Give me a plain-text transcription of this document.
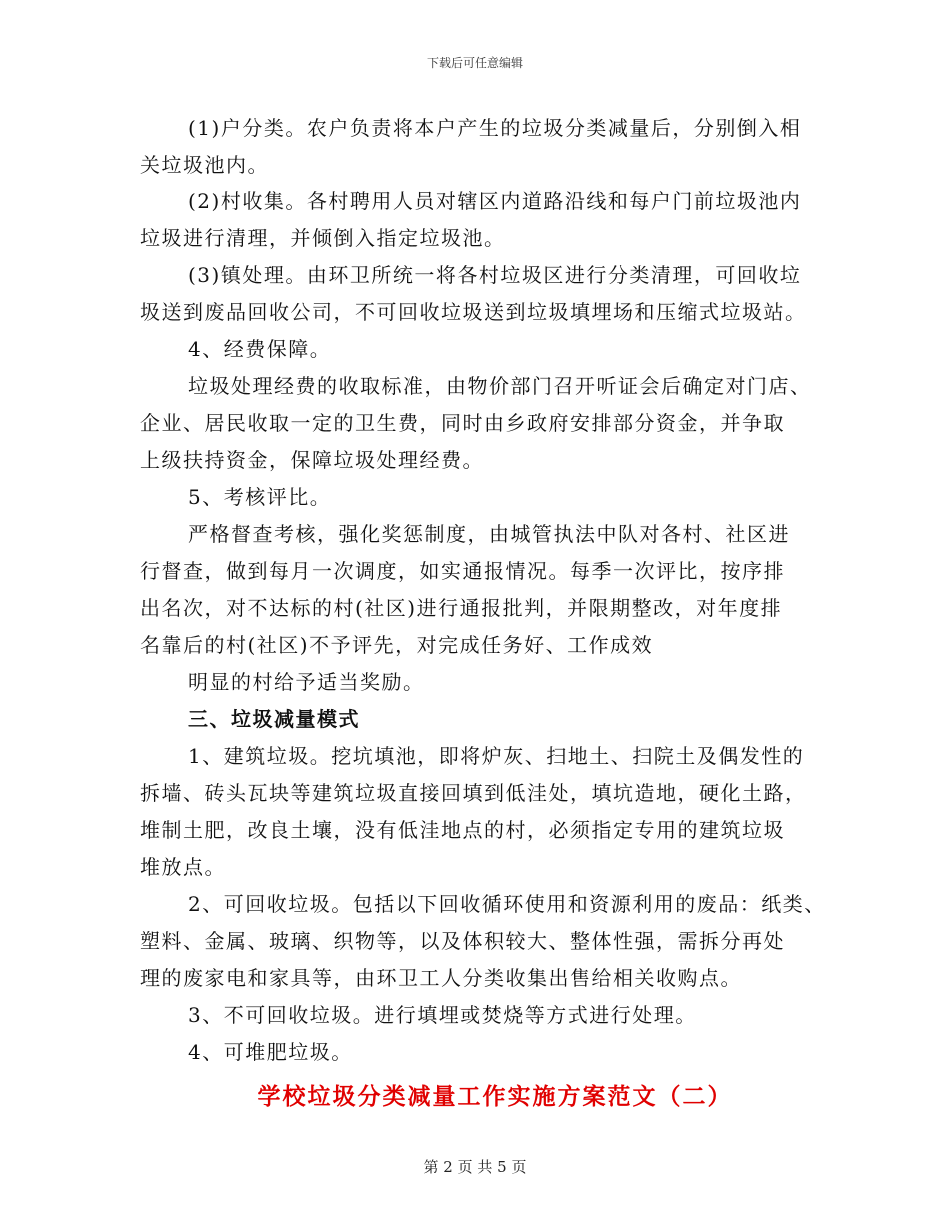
下载后可任意编辑
(1)户分类。农户负责将本户产生的垃圾分类减量后，分别倒入相
关垃圾池内。
(2)村收集。各村聘用人员对辖区内道路沿线和每户门前垃圾池内
垃圾进行清理，并倾倒入指定垃圾池。
(3)镇处理。由环卫所统一将各村垃圾区进行分类清理，可回收垃
圾送到废品回收公司，不可回收垃圾送到垃圾填埋场和压缩式垃圾站。
4、经费保障。
垃圾处理经费的收取标准，由物价部门召开听证会后确定对门店、
企业、居民收取一定的卫生费，同时由乡政府安排部分资金，并争取
上级扶持资金，保障垃圾处理经费。
5、考核评比。
严格督查考核，强化奖惩制度，由城管执法中队对各村、社区进
行督查，做到每月一次调度，如实通报情况。每季一次评比，按序排
出名次，对不达标的村(社区)进行通报批判，并限期整改，对年度排
名靠后的村(社区)不予评先，对完成任务好、工作成效
明显的村给予适当奖励。
三、垃圾减量模式
1、建筑垃圾。挖坑填池，即将炉灰、扫地土、扫院土及偶发性的
拆墙、砖头瓦块等建筑垃圾直接回填到低洼处，填坑造地，硬化土路，
堆制土肥，改良土壤，没有低洼地点的村，必须指定专用的建筑垃圾
堆放点。
2、可回收垃圾。包括以下回收循环使用和资源利用的废品：纸类、
塑料、金属、玻璃、织物等，以及体积较大、整体性强，需拆分再处
理的废家电和家具等，由环卫工人分类收集出售给相关收购点。
3、不可回收垃圾。进行填埋或焚烧等方式进行处理。
4、可堆肥垃圾。
学校垃圾分类减量工作实施方案范文（二）
第 2 页 共 5 页
